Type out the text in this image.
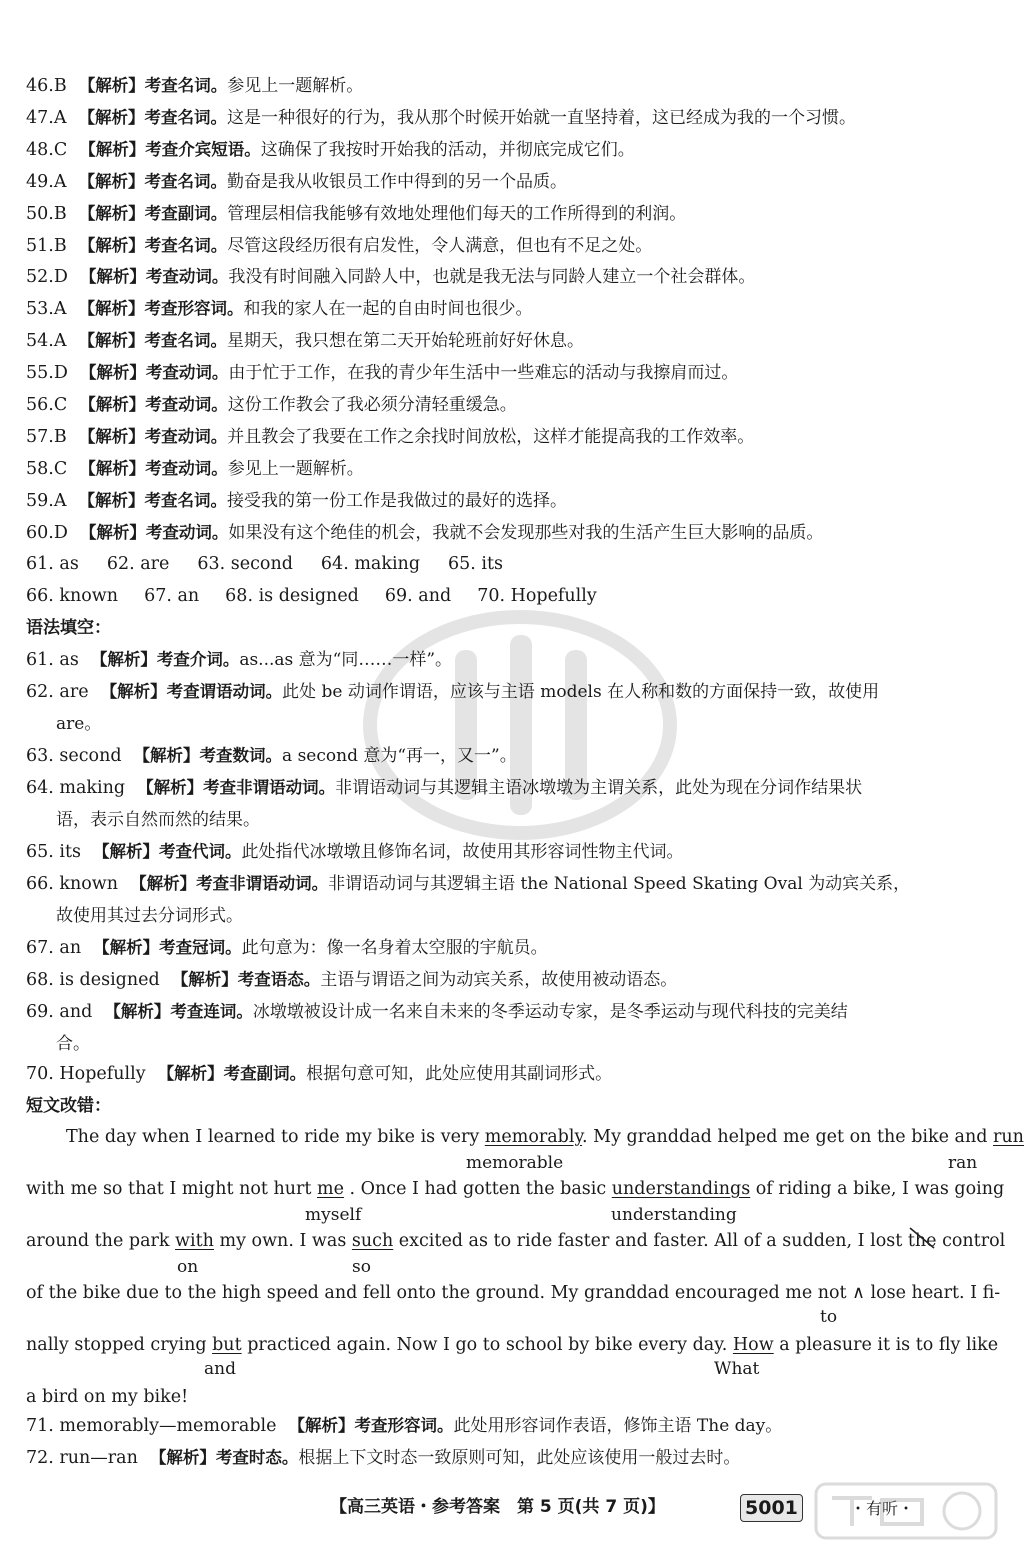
46.B 【解析】考查名词。参见上一题解析。
47.A 【解析】考查名词。这是一种很好的行为，我从那个时候开始就一直坚持着，这已经成为我的一个习惯。
48.C 【解析】考查介宾短语。这确保了我按时开始我的活动，并彻底完成它们。
49.A 【解析】考查名词。勤奋是我从收银员工作中得到的另一个品质。
50.B 【解析】考查副词。管理层相信我能够有效地处理他们每天的工作所得到的利润。
51.B 【解析】考查名词。尽管这段经历很有启发性，令人满意，但也有不足之处。
52.D 【解析】考查动词。我没有时间融入同龄人中，也就是我无法与同龄人建立一个社会群体。
53.A 【解析】考查形容词。和我的家人在一起的自由时间也很少。
54.A 【解析】考查名词。星期天，我只想在第二天开始轮班前好好休息。
55.D 【解析】考查动词。由于忙于工作，在我的青少年生活中一些难忘的活动与我擦肩而过。
56.C 【解析】考查动词。这份工作教会了我必须分清轻重缓急。
57.B 【解析】考查动词。并且教会了我要在工作之余找时间放松，这样才能提高我的工作效率。
58.C 【解析】考查动词。参见上一题解析。
59.A 【解析】考查名词。接受我的第一份工作是我做过的最好的选择。
60.D 【解析】考查动词。如果没有这个绝佳的机会，我就不会发现那些对我的生活产生巨大影响的品质。
61. as 62. are 63. second 64. making 65. its
66. known 67. an 68. is designed 69. and 70. Hopefully
语法填空：
61. as 【解析】考查介词。as...as 意为“同……一样”。
62. are 【解析】考查谓语动词。此处 be 动词作谓语，应该与主语 models 在人称和数的方面保持一致，故使用
are。
63. second 【解析】考查数词。a second 意为“再一，又一”。
64. making 【解析】考查非谓语动词。非谓语动词与其逻辑主语冰墩墩为主谓关系，此处为现在分词作结果状
语，表示自然而然的结果。
65. its 【解析】考查代词。此处指代冰墩墩且修饰名词，故使用其形容词性物主代词。
66. known 【解析】考查非谓语动词。非谓语动词与其逻辑主语 the National Speed Skating Oval 为动宾关系，
故使用其过去分词形式。
67. an 【解析】考查冠词。此句意为：像一名身着太空服的宇航员。
68. is designed 【解析】考查语态。主语与谓语之间为动宾关系，故使用被动语态。
69. and 【解析】考查连词。冰墩墩被设计成一名来自未来的冬季运动专家，是冬季运动与现代科技的完美结
合。
70. Hopefully 【解析】考查副词。根据句意可知，此处应使用其副词形式。
短文改错：
The day when I learned to ride my bike is very memorably. My granddad helped me get on the bike and run
memorable	ran
with me so that I might not hurt me . Once I had gotten the basic understandings of riding a bike, I was going
myself	understanding
around the park with my own. I was such excited as to ride faster and faster. All of a sudden, I lost the
control
on	so
of the bike due to the high speed and fell onto the ground. My granddad encouraged me not ∧ lose heart. I fi-
to
nally stopped crying but practiced again. Now I go to school by bike every day. How a pleasure it is to fly like
and	What
a bird on my bike!
71. memorably—memorable 【解析】考查形容词。此处用形容词作表语，修饰主语 The day。
72. run—ran 【解析】考查时态。根据上下文时态一致原则可知，此处应该使用一般过去时。
【高三英语・参考答案　第 5 页(共 7 页)】	5001	・有听・
